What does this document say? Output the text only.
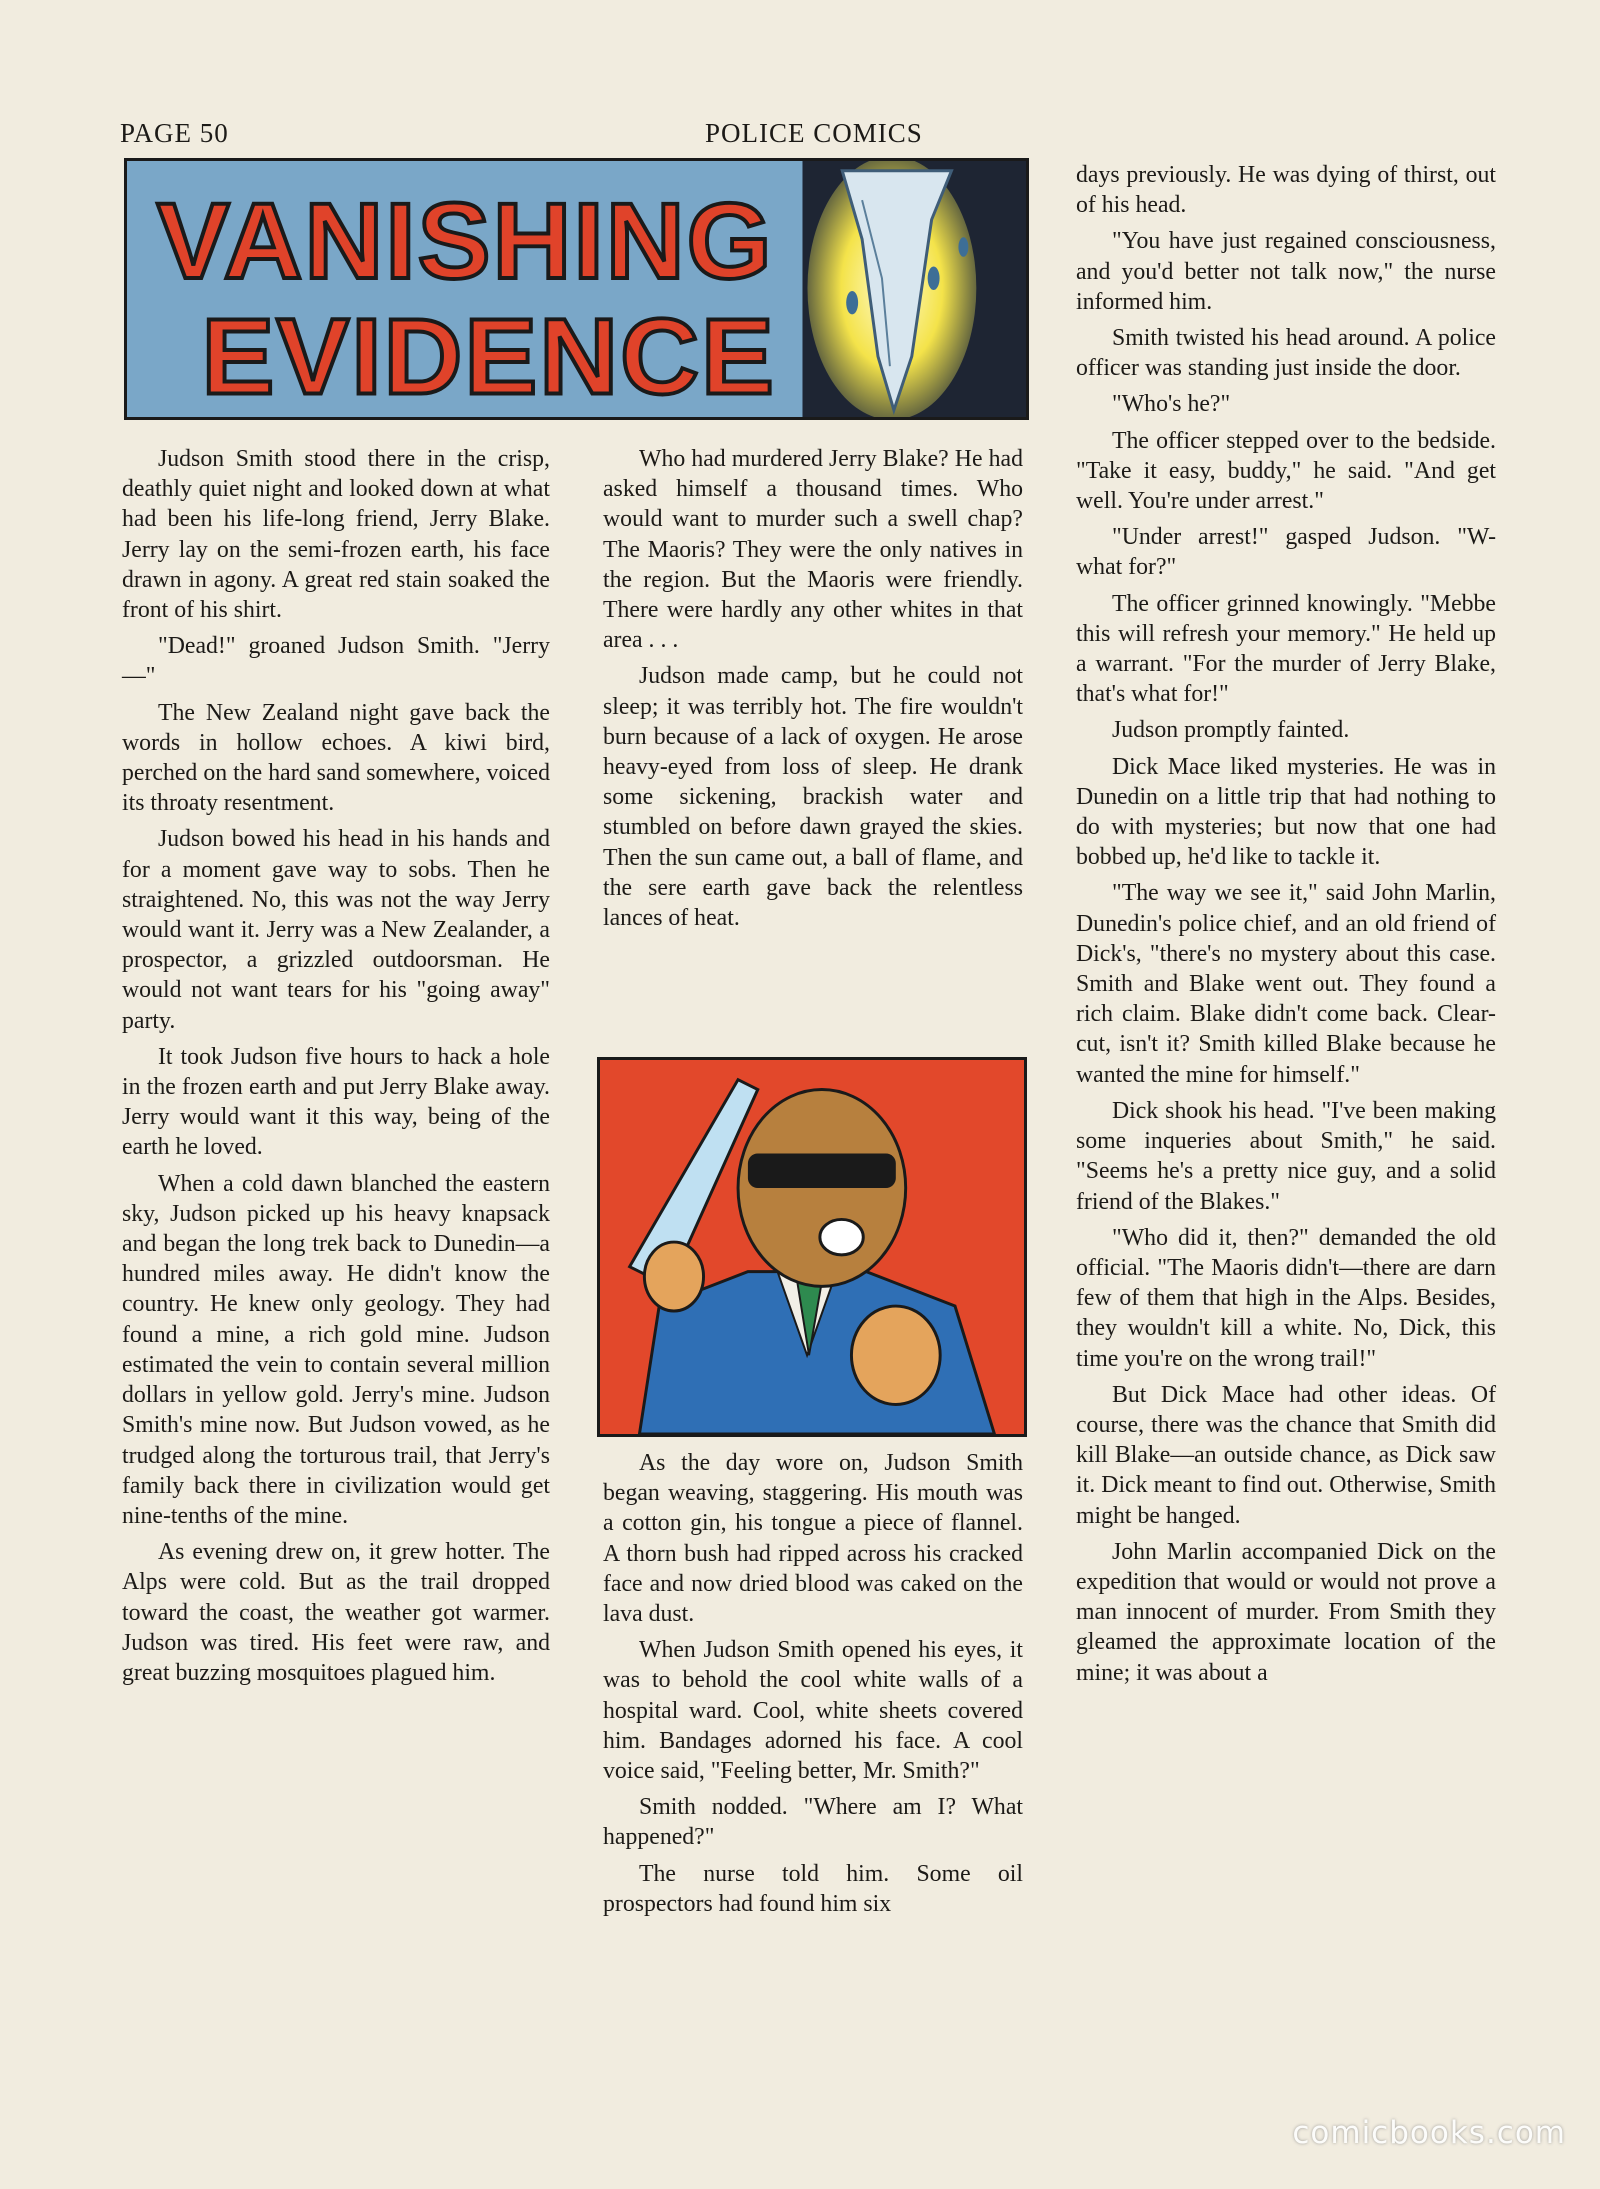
PAGE 50	POLICE COMICS
VANISHING
EVIDENCE

Judson Smith stood there in the crisp, deathly quiet night and looked down at what had been his life-long friend, Jerry Blake. Jerry lay on the semi-frozen earth, his face drawn in agony. A great red stain soaked the front of his shirt.

"Dead!" groaned Judson Smith. "Jerry—"

The New Zealand night gave back the words in hollow echoes. A kiwi bird, perched on the hard sand somewhere, voiced its throaty resentment.

Judson bowed his head in his hands and for a moment gave way to sobs. Then he straightened. No, this was not the way Jerry would want it. Jerry was a New Zealander, a prospector, a grizzled outdoorsman. He would not want tears for his "going away" party.

It took Judson five hours to hack a hole in the frozen earth and put Jerry Blake away. Jerry would want it this way, being of the earth he loved.

When a cold dawn blanched the eastern sky, Judson picked up his heavy knapsack and began the long trek back to Dunedin—a hundred miles away. He didn't know the country. He knew only geology. They had found a mine, a rich gold mine. Judson estimated the vein to contain several million dollars in yellow gold. Jerry's mine. Judson Smith's mine now. But Judson vowed, as he trudged along the torturous trail, that Jerry's family back there in civilization would get nine-tenths of the mine.

As evening drew on, it grew hotter. The Alps were cold. But as the trail dropped toward the coast, the weather got warmer. Judson was tired. His feet were raw, and great buzzing mosquitoes plagued him.

Who had murdered Jerry Blake? He had asked himself a thousand times. Who would want to murder such a swell chap? The Maoris? They were the only natives in the region. But the Maoris were friendly. There were hardly any other whites in that area . . .

Judson made camp, but he could not sleep; it was terribly hot. The fire wouldn't burn because of a lack of oxygen. He arose heavy-eyed from loss of sleep. He drank some sickening, brackish water and stumbled on before dawn grayed the skies. Then the sun came out, a ball of flame, and the sere earth gave back the relentless lances of heat.

As the day wore on, Judson Smith began weaving, staggering. His mouth was a cotton gin, his tongue a piece of flannel. A thorn bush had ripped across his cracked face and now dried blood was caked on the lava dust.

When Judson Smith opened his eyes, it was to behold the cool white walls of a hospital ward. Cool, white sheets covered him. Bandages adorned his face. A cool voice said, "Feeling better, Mr. Smith?"

Smith nodded. "Where am I? What happened?"

The nurse told him. Some oil prospectors had found him six

days previously. He was dying of thirst, out of his head.

"You have just regained consciousness, and you'd better not talk now," the nurse informed him.

Smith twisted his head around. A police officer was standing just inside the door.

"Who's he?"

The officer stepped over to the bedside. "Take it easy, buddy," he said. "And get well. You're under arrest."

"Under arrest!" gasped Judson. "W-what for?"

The officer grinned knowingly. "Mebbe this will refresh your memory." He held up a warrant. "For the murder of Jerry Blake, that's what for!"

Judson promptly fainted.

Dick Mace liked mysteries. He was in Dunedin on a little trip that had nothing to do with mysteries; but now that one had bobbed up, he'd like to tackle it.

"The way we see it," said John Marlin, Dunedin's police chief, and an old friend of Dick's, "there's no mystery about this case. Smith and Blake went out. They found a rich claim. Blake didn't come back. Clear-cut, isn't it? Smith killed Blake because he wanted the mine for himself."

Dick shook his head. "I've been making some inqueries about Smith," he said. "Seems he's a pretty nice guy, and a solid friend of the Blakes."

"Who did it, then?" demanded the old official. "The Maoris didn't—there are darn few of them that high in the Alps. Besides, they wouldn't kill a white. No, Dick, this time you're on the wrong trail!"

But Dick Mace had other ideas. Of course, there was the chance that Smith did kill Blake—an outside chance, as Dick saw it. Dick meant to find out. Otherwise, Smith might be hanged.

John Marlin accompanied Dick on the expedition that would or would not prove a man innocent of murder. From Smith they gleamed the approximate location of the mine; it was about a

comicbooks.com
